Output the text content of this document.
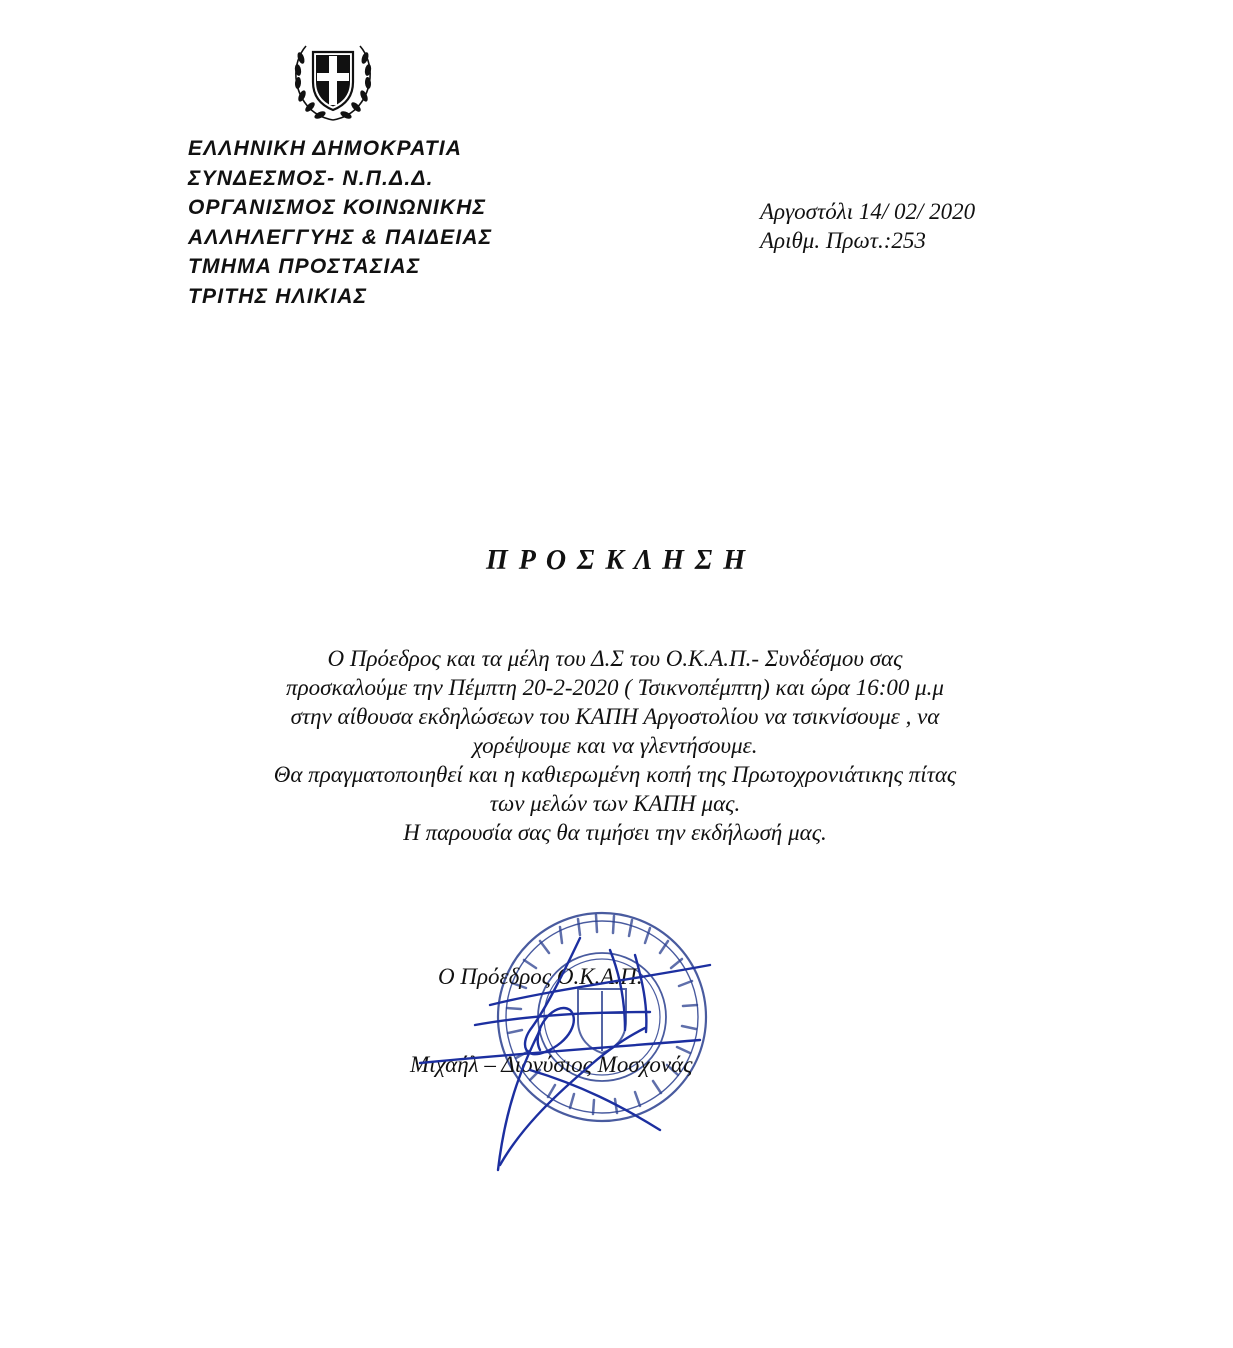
ΕΛΛΗΝΙΚΗ ΔΗΜΟΚΡΑΤΙΑ
ΣΥΝΔΕΣΜΟΣ- Ν.Π.Δ.Δ.
ΟΡΓΑΝΙΣΜΟΣ ΚΟΙΝΩΝΙΚΗΣ
ΑΛΛΗΛΕΓΓΥΗΣ & ΠΑΙΔΕΙΑΣ
ΤΜΗΜΑ ΠΡΟΣΤΑΣΙΑΣ
ΤΡΙΤΗΣ ΗΛΙΚΙΑΣ
Αργοστόλι 14/ 02/ 2020
Αριθμ. Πρωτ.:253
Π Ρ Ο Σ Κ Λ Η Σ Η
Ο Πρόεδρος και τα μέλη του Δ.Σ του Ο.Κ.Α.Π.- Συνδέσμου σας
προσκαλούμε την Πέμπτη 20-2-2020 ( Τσικνοπέμπτη) και ώρα 16:00 μ.μ
στην αίθουσα εκδηλώσεων του ΚΑΠΗ Αργοστολίου να τσικνίσουμε , να
χορέψουμε και να γλεντήσουμε.
Θα πραγματοποιηθεί και η καθιερωμένη κοπή της Πρωτοχρονιάτικης πίτας
των μελών των ΚΑΠΗ μας.
Η παρουσία σας θα τιμήσει την εκδήλωσή μας.
Ο Πρόεδρος Ο.Κ.Α.Π.
Μιχαήλ – Διονύσιος Μοσχονάς
